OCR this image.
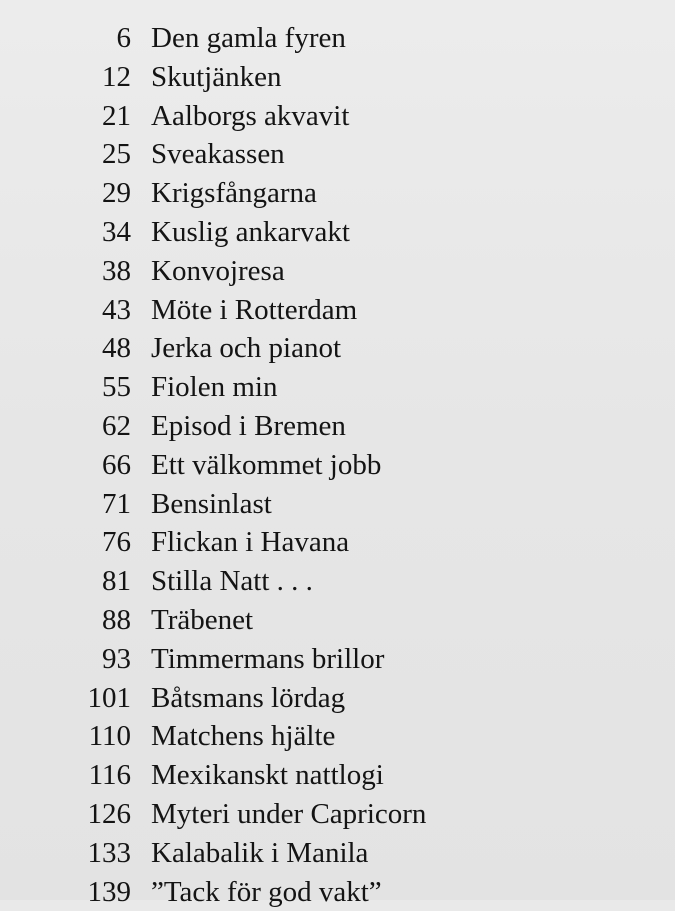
6 Den gamla fyren
12 Skutjänken
21 Aalborgs akvavit
25 Sveakassen
29 Krigsfångarna
34 Kuslig ankarvakt
38 Konvojresa
43 Möte i Rotterdam
48 Jerka och pianot
55 Fiolen min
62 Episod i Bremen
66 Ett välkommet jobb
71 Bensinlast
76 Flickan i Havana
81 Stilla Natt . . .
88 Träbenet
93 Timmermans brillor
101 Båtsmans lördag
110 Matchens hjälte
116 Mexikanskt nattlogi
126 Myteri under Capricorn
133 Kalabalik i Manila
139 ”Tack för god vakt”
